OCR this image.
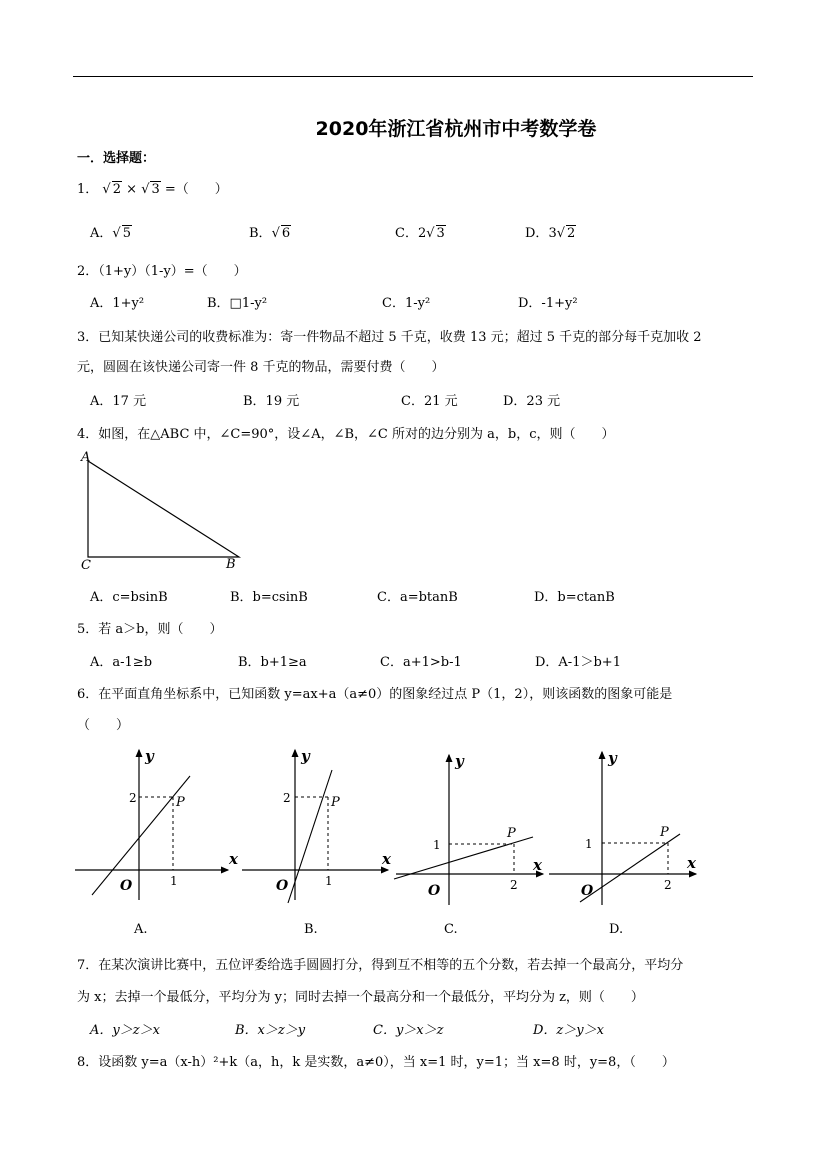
2020年浙江省杭州市中考数学卷
一．选择题：
1． √ 2 × √ 3 =（　　）
A．√ 5	B．√ 6	C．2√ 3	D．3√ 2
2．（1+y）（1-y）=（　　）
A．1+y²	B．□1-y²	C．1-y²	D．-1+y²
3．已知某快递公司的收费标准为：寄一件物品不超过 5 千克，收费 13 元；超过 5 千克的部分每千克加收 2
元，圆圆在该快递公司寄一件 8 千克的物品，需要付费（　　）
A．17 元	B．19 元	C．21 元	D．23 元
4．如图，在△ABC 中，∠C=90°，设∠A，∠B，∠C 所对的边分别为 a，b，c，则（　　）
A
C	B
A．c=bsinB	B．b=csinB	C．a=btanB	D．b=ctanB
5．若 a＞b，则（　　）
A．a-1≥b	B．b+1≥a	C．a+1>b-1	D．A-1＞b+1
6．在平面直角坐标系中，已知函数 y=ax+a（a≠0）的图象经过点 P（1，2），则该函数的图象可能是
（　　）
y
x
O
2
1
P
A.
y
x
O
2
1
P
B.
y
x
O
1
2
P
C.
y
x
O
1
2
P
D.
7．在某次演讲比赛中，五位评委给选手圆圆打分，得到互不相等的五个分数，若去掉一个最高分，平均分
为 x；去掉一个最低分，平均分为 y；同时去掉一个最高分和一个最低分，平均分为 z，则（　　）
A．y＞z＞x	B．x＞z＞y	C．y＞x＞z	D．z＞y＞x
8．设函数 y=a（x-h）²+k（a，h，k 是实数，a≠0），当 x=1 时，y=1；当 x=8 时，y=8，（　　）
